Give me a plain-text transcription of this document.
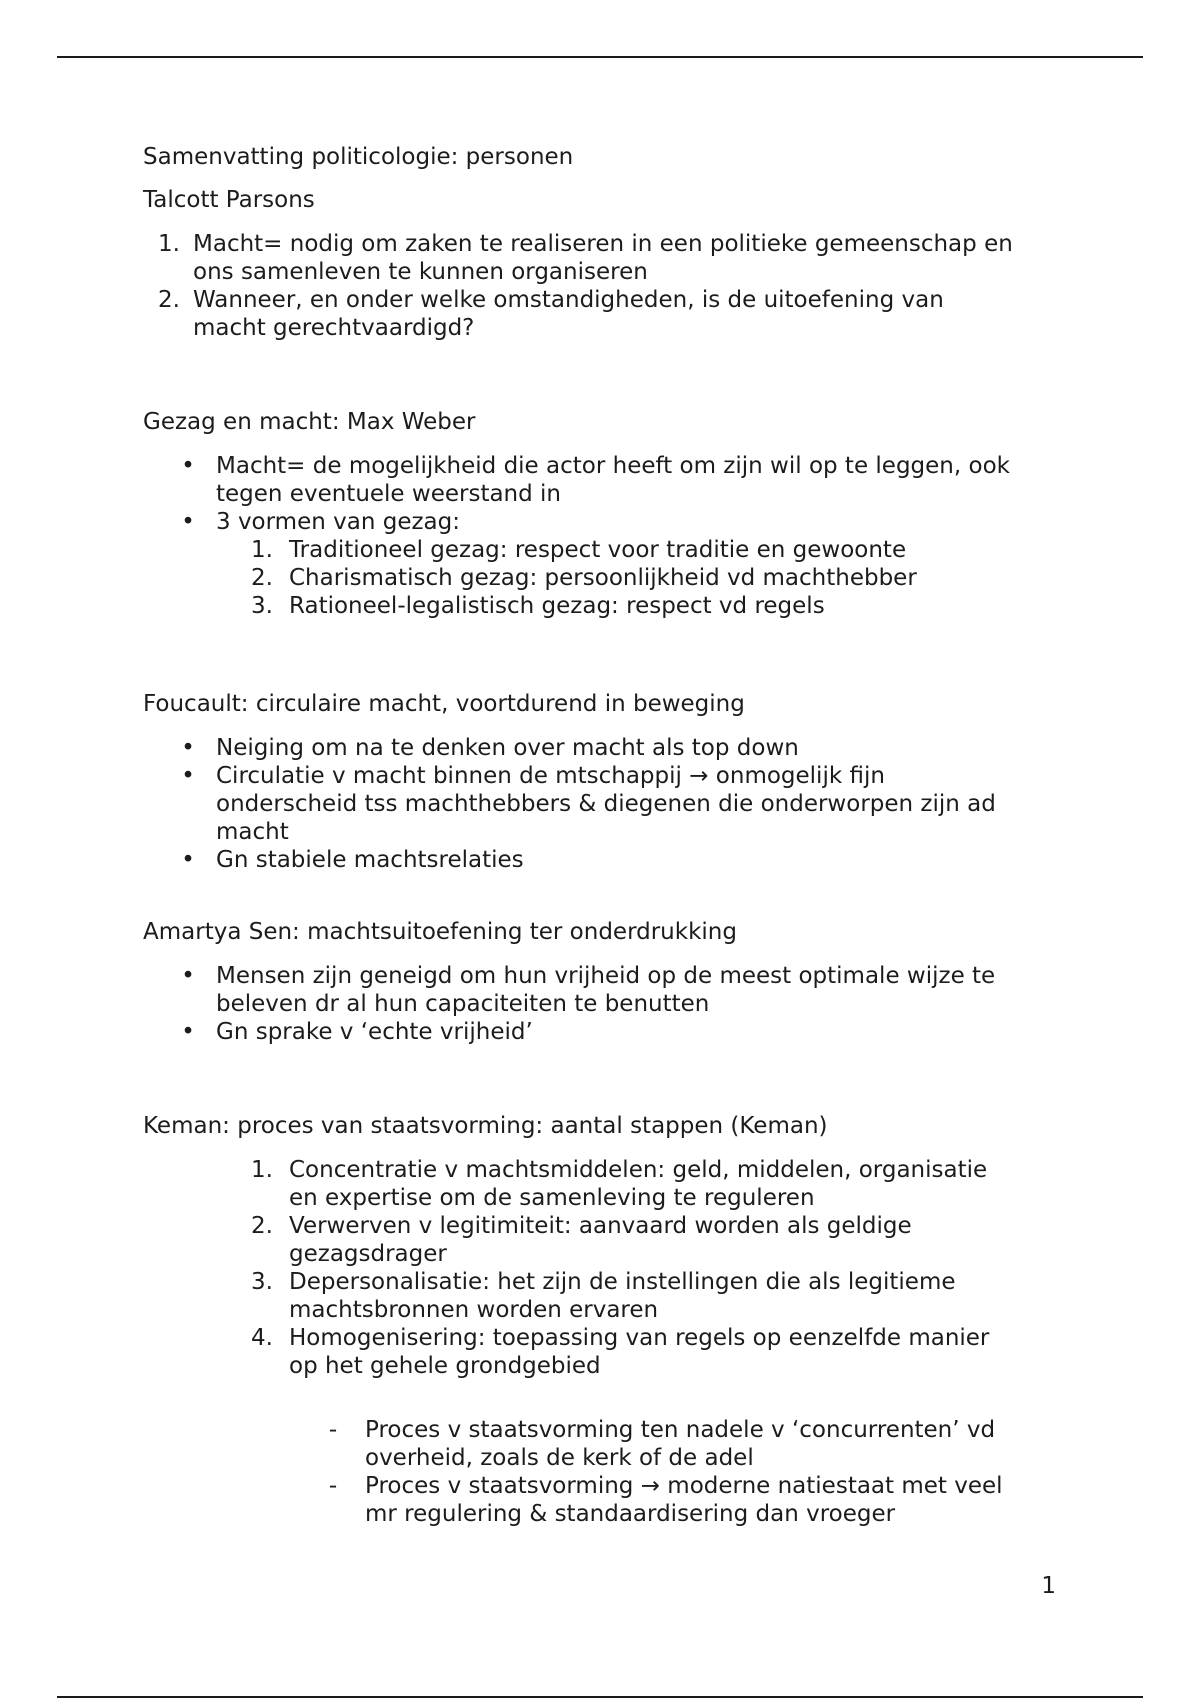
Samenvatting politicologie: personen

Talcott Parsons

1. Macht= nodig om zaken te realiseren in een politieke gemeenschap en
ons samenleven te kunnen organiseren
2. Wanneer, en onder welke omstandigheden, is de uitoefening van
macht gerechtvaardigd?

Gezag en macht: Max Weber

• Macht= de mogelijkheid die actor heeft om zijn wil op te leggen, ook
tegen eventuele weerstand in
• 3 vormen van gezag:
1. Traditioneel gezag: respect voor traditie en gewoonte
2. Charismatisch gezag: persoonlijkheid vd machthebber
3. Rationeel-legalistisch gezag: respect vd regels

Foucault: circulaire macht, voortdurend in beweging

• Neiging om na te denken over macht als top down
• Circulatie v macht binnen de mtschappij → onmogelijk fijn
onderscheid tss machthebbers & diegenen die onderworpen zijn ad
macht
• Gn stabiele machtsrelaties

Amartya Sen: machtsuitoefening ter onderdrukking

• Mensen zijn geneigd om hun vrijheid op de meest optimale wijze te
beleven dr al hun capaciteiten te benutten
• Gn sprake v ‘echte vrijheid’

Keman: proces van staatsvorming: aantal stappen (Keman)

1. Concentratie v machtsmiddelen: geld, middelen, organisatie
en expertise om de samenleving te reguleren
2. Verwerven v legitimiteit: aanvaard worden als geldige
gezagsdrager
3. Depersonalisatie: het zijn de instellingen die als legitieme
machtsbronnen worden ervaren
4. Homogenisering: toepassing van regels op eenzelfde manier
op het gehele grondgebied
-	Proces v staatsvorming ten nadele v ‘concurrenten’ vd
overheid, zoals de kerk of de adel
-	Proces v staatsvorming → moderne natiestaat met veel
mr regulering & standaardisering dan vroeger
1
